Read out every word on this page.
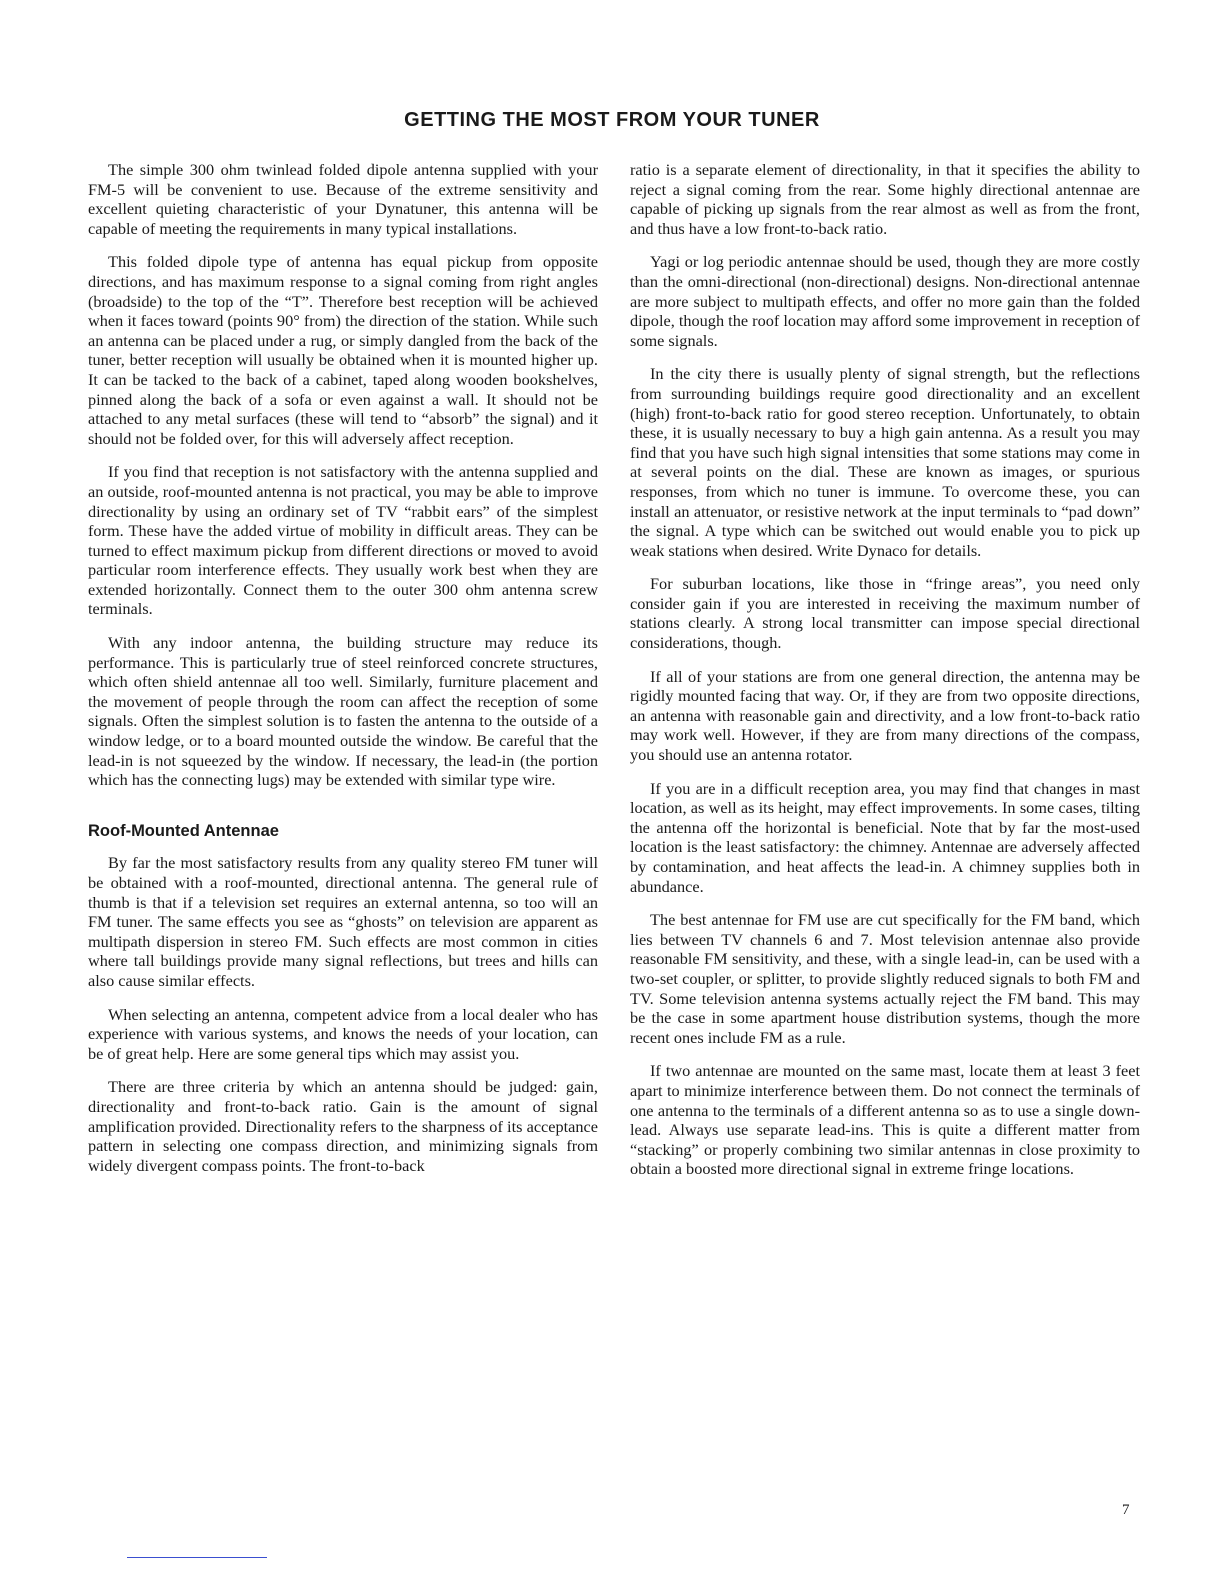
GETTING THE MOST FROM YOUR TUNER

The simple 300 ohm twinlead folded dipole antenna supplied with your FM-5 will be convenient to use. Because of the extreme sensitivity and excellent quieting characteristic of your Dynatuner, this antenna will be capable of meeting the requirements in many typical installations.

This folded dipole type of antenna has equal pickup from opposite directions, and has maximum response to a signal coming from right angles (broadside) to the top of the “T”. Therefore best reception will be achieved when it faces toward (points 90° from) the direction of the station. While such an antenna can be placed under a rug, or simply dangled from the back of the tuner, better reception will usually be obtained when it is mounted higher up. It can be tacked to the back of a cabinet, taped along wooden bookshelves, pinned along the back of a sofa or even against a wall. It should not be attached to any metal surfaces (these will tend to “absorb” the signal) and it should not be folded over, for this will adversely affect reception.

If you find that reception is not satisfactory with the antenna supplied and an outside, roof-mounted antenna is not practical, you may be able to improve directionality by using an ordinary set of TV “rabbit ears” of the simplest form. These have the added virtue of mobility in difficult areas. They can be turned to effect maximum pickup from different directions or moved to avoid particular room interference effects. They usually work best when they are extended horizontally. Connect them to the outer 300 ohm antenna screw terminals.

With any indoor antenna, the building structure may reduce its performance. This is particularly true of steel reinforced concrete structures, which often shield antennae all too well. Similarly, furniture placement and the movement of people through the room can affect the reception of some signals. Often the simplest solution is to fasten the antenna to the outside of a window ledge, or to a board mounted outside the window. Be careful that the lead-in is not squeezed by the window. If necessary, the lead-in (the portion which has the connecting lugs) may be extended with similar type wire.

Roof-Mounted Antennae

By far the most satisfactory results from any quality stereo FM tuner will be obtained with a roof-mounted, directional antenna. The general rule of thumb is that if a television set requires an external antenna, so too will an FM tuner. The same effects you see as “ghosts” on television are apparent as multipath dispersion in stereo FM. Such effects are most common in cities where tall buildings provide many signal reflections, but trees and hills can also cause similar effects.

When selecting an antenna, competent advice from a local dealer who has experience with various systems, and knows the needs of your location, can be of great help. Here are some general tips which may assist you.

There are three criteria by which an antenna should be judged: gain, directionality and front-to-back ratio. Gain is the amount of signal amplification provided. Directionality refers to the sharpness of its acceptance pattern in selecting one compass direction, and minimizing signals from widely divergent compass points. The front-to-back

ratio is a separate element of directionality, in that it specifies the ability to reject a signal coming from the rear. Some highly directional antennae are capable of picking up signals from the rear almost as well as from the front, and thus have a low front-to-back ratio.

Yagi or log periodic antennae should be used, though they are more costly than the omni-directional (non-directional) designs. Non-directional antennae are more subject to multipath effects, and offer no more gain than the folded dipole, though the roof location may afford some improvement in reception of some signals.

In the city there is usually plenty of signal strength, but the reflections from surrounding buildings require good directionality and an excellent (high) front-to-back ratio for good stereo reception. Unfortunately, to obtain these, it is usually necessary to buy a high gain antenna. As a result you may find that you have such high signal intensities that some stations may come in at several points on the dial. These are known as images, or spurious responses, from which no tuner is immune. To overcome these, you can install an attenuator, or resistive network at the input terminals to “pad down” the signal. A type which can be switched out would enable you to pick up weak stations when desired. Write Dynaco for details.

For suburban locations, like those in “fringe areas”, you need only consider gain if you are interested in receiving the maximum number of stations clearly. A strong local transmitter can impose special directional considerations, though.

If all of your stations are from one general direction, the antenna may be rigidly mounted facing that way. Or, if they are from two opposite directions, an antenna with reasonable gain and directivity, and a low front-to-back ratio may work well. However, if they are from many directions of the compass, you should use an antenna rotator.

If you are in a difficult reception area, you may find that changes in mast location, as well as its height, may effect improvements. In some cases, tilting the antenna off the horizontal is beneficial. Note that by far the most-used location is the least satisfactory: the chimney. Antennae are adversely affected by contamination, and heat affects the lead-in. A chimney supplies both in abundance.

The best antennae for FM use are cut specifically for the FM band, which lies between TV channels 6 and 7. Most television antennae also provide reasonable FM sensitivity, and these, with a single lead-in, can be used with a two-set coupler, or splitter, to provide slightly reduced signals to both FM and TV. Some television antenna systems actually reject the FM band. This may be the case in some apartment house distribution systems, though the more recent ones include FM as a rule.

If two antennae are mounted on the same mast, locate them at least 3 feet apart to minimize interference between them. Do not connect the terminals of one antenna to the terminals of a different antenna so as to use a single down-lead. Always use separate lead-ins. This is quite a different matter from “stacking” or properly combining two similar antennas in close proximity to obtain a boosted more directional signal in extreme fringe locations.

7
